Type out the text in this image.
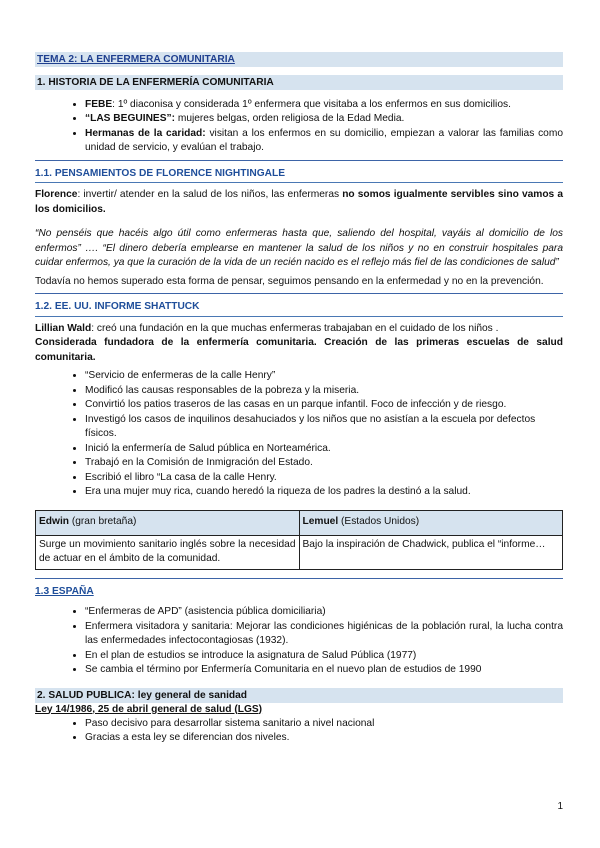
TEMA 2: LA ENFERMERA COMUNITARIA
1. HISTORIA DE LA ENFERMERÍA COMUNITARIA
• FEBE: 1º diaconisa y considerada 1º enfermera que visitaba a los enfermos en sus domicilios.
• “LAS BEGUINES”: mujeres belgas, orden religiosa de la Edad Media.
• Hermanas de la caridad: visitan a los enfermos en su domicilio, empiezan a valorar las familias como unidad de servicio, y evalúan el trabajo.
1.1. PENSAMIENTOS DE FLORENCE NIGHTINGALE

Florence: invertir/ atender en la salud de los niños, las enfermeras no somos igualmente servibles sino vamos a los domicilios.

“No penséis que hacéis algo útil como enfermeras hasta que, saliendo del hospital, vayáis al domicilio de los enfermos” …. “El dinero debería emplearse en mantener la salud de los niños y no en construir hospitales para cuidar enfermos, ya que la curación de la vida de un recién nacido es el reflejo más fiel de las condiciones de salud”

Todavía no hemos superado esta forma de pensar, seguimos pensando en la enfermedad y no en la prevención.

1.2. EE. UU. INFORME SHATTUCK

Lillian Wald: creó una fundación en la que muchas enfermeras trabajaban en el cuidado de los niños .
Considerada fundadora de la enfermería comunitaria. Creación de las primeras escuelas de salud comunitaria.

• “Servicio de enfermeras de la calle Henry”
• Modificó las causas responsables de la pobreza y la miseria.
• Convirtió los patios traseros de las casas en un parque infantil. Foco de infección y de riesgo.
• Investigó los casos de inquilinos desahuciados y los niños que no asistían a la escuela por defectos físicos.
• Inició la enfermería de Salud pública en Norteamérica.
• Trabajó en la Comisión de Inmigración del Estado.
• Escribió el libro “La casa de la calle Henry.
• Era una mujer muy rica, cuando heredó la riqueza de los padres la destinó a la salud.
Edwin (gran bretaña)	Lemuel (Estados Unidos)
Surge un movimiento sanitario inglés sobre la necesidad de actuar en el ámbito de la comunidad.	Bajo la inspiración de Chadwick, publica el “informe…
1.3 ESPAÑA
• “Enfermeras de APD” (asistencia pública domiciliaria)
• Enfermera visitadora y sanitaria: Mejorar las condiciones higiénicas de la población rural, la lucha contra las enfermedades infectocontagiosas (1932).
• En el plan de estudios se introduce la asignatura de Salud Pública (1977)
• Se cambia el término por Enfermería Comunitaria en el nuevo plan de estudios de 1990
2. SALUD PUBLICA: ley general de sanidad
Ley 14/1986, 25 de abril general de salud (LGS)
• Paso decisivo para desarrollar sistema sanitario a nivel nacional
• Gracias a esta ley se diferencian dos niveles.
1
